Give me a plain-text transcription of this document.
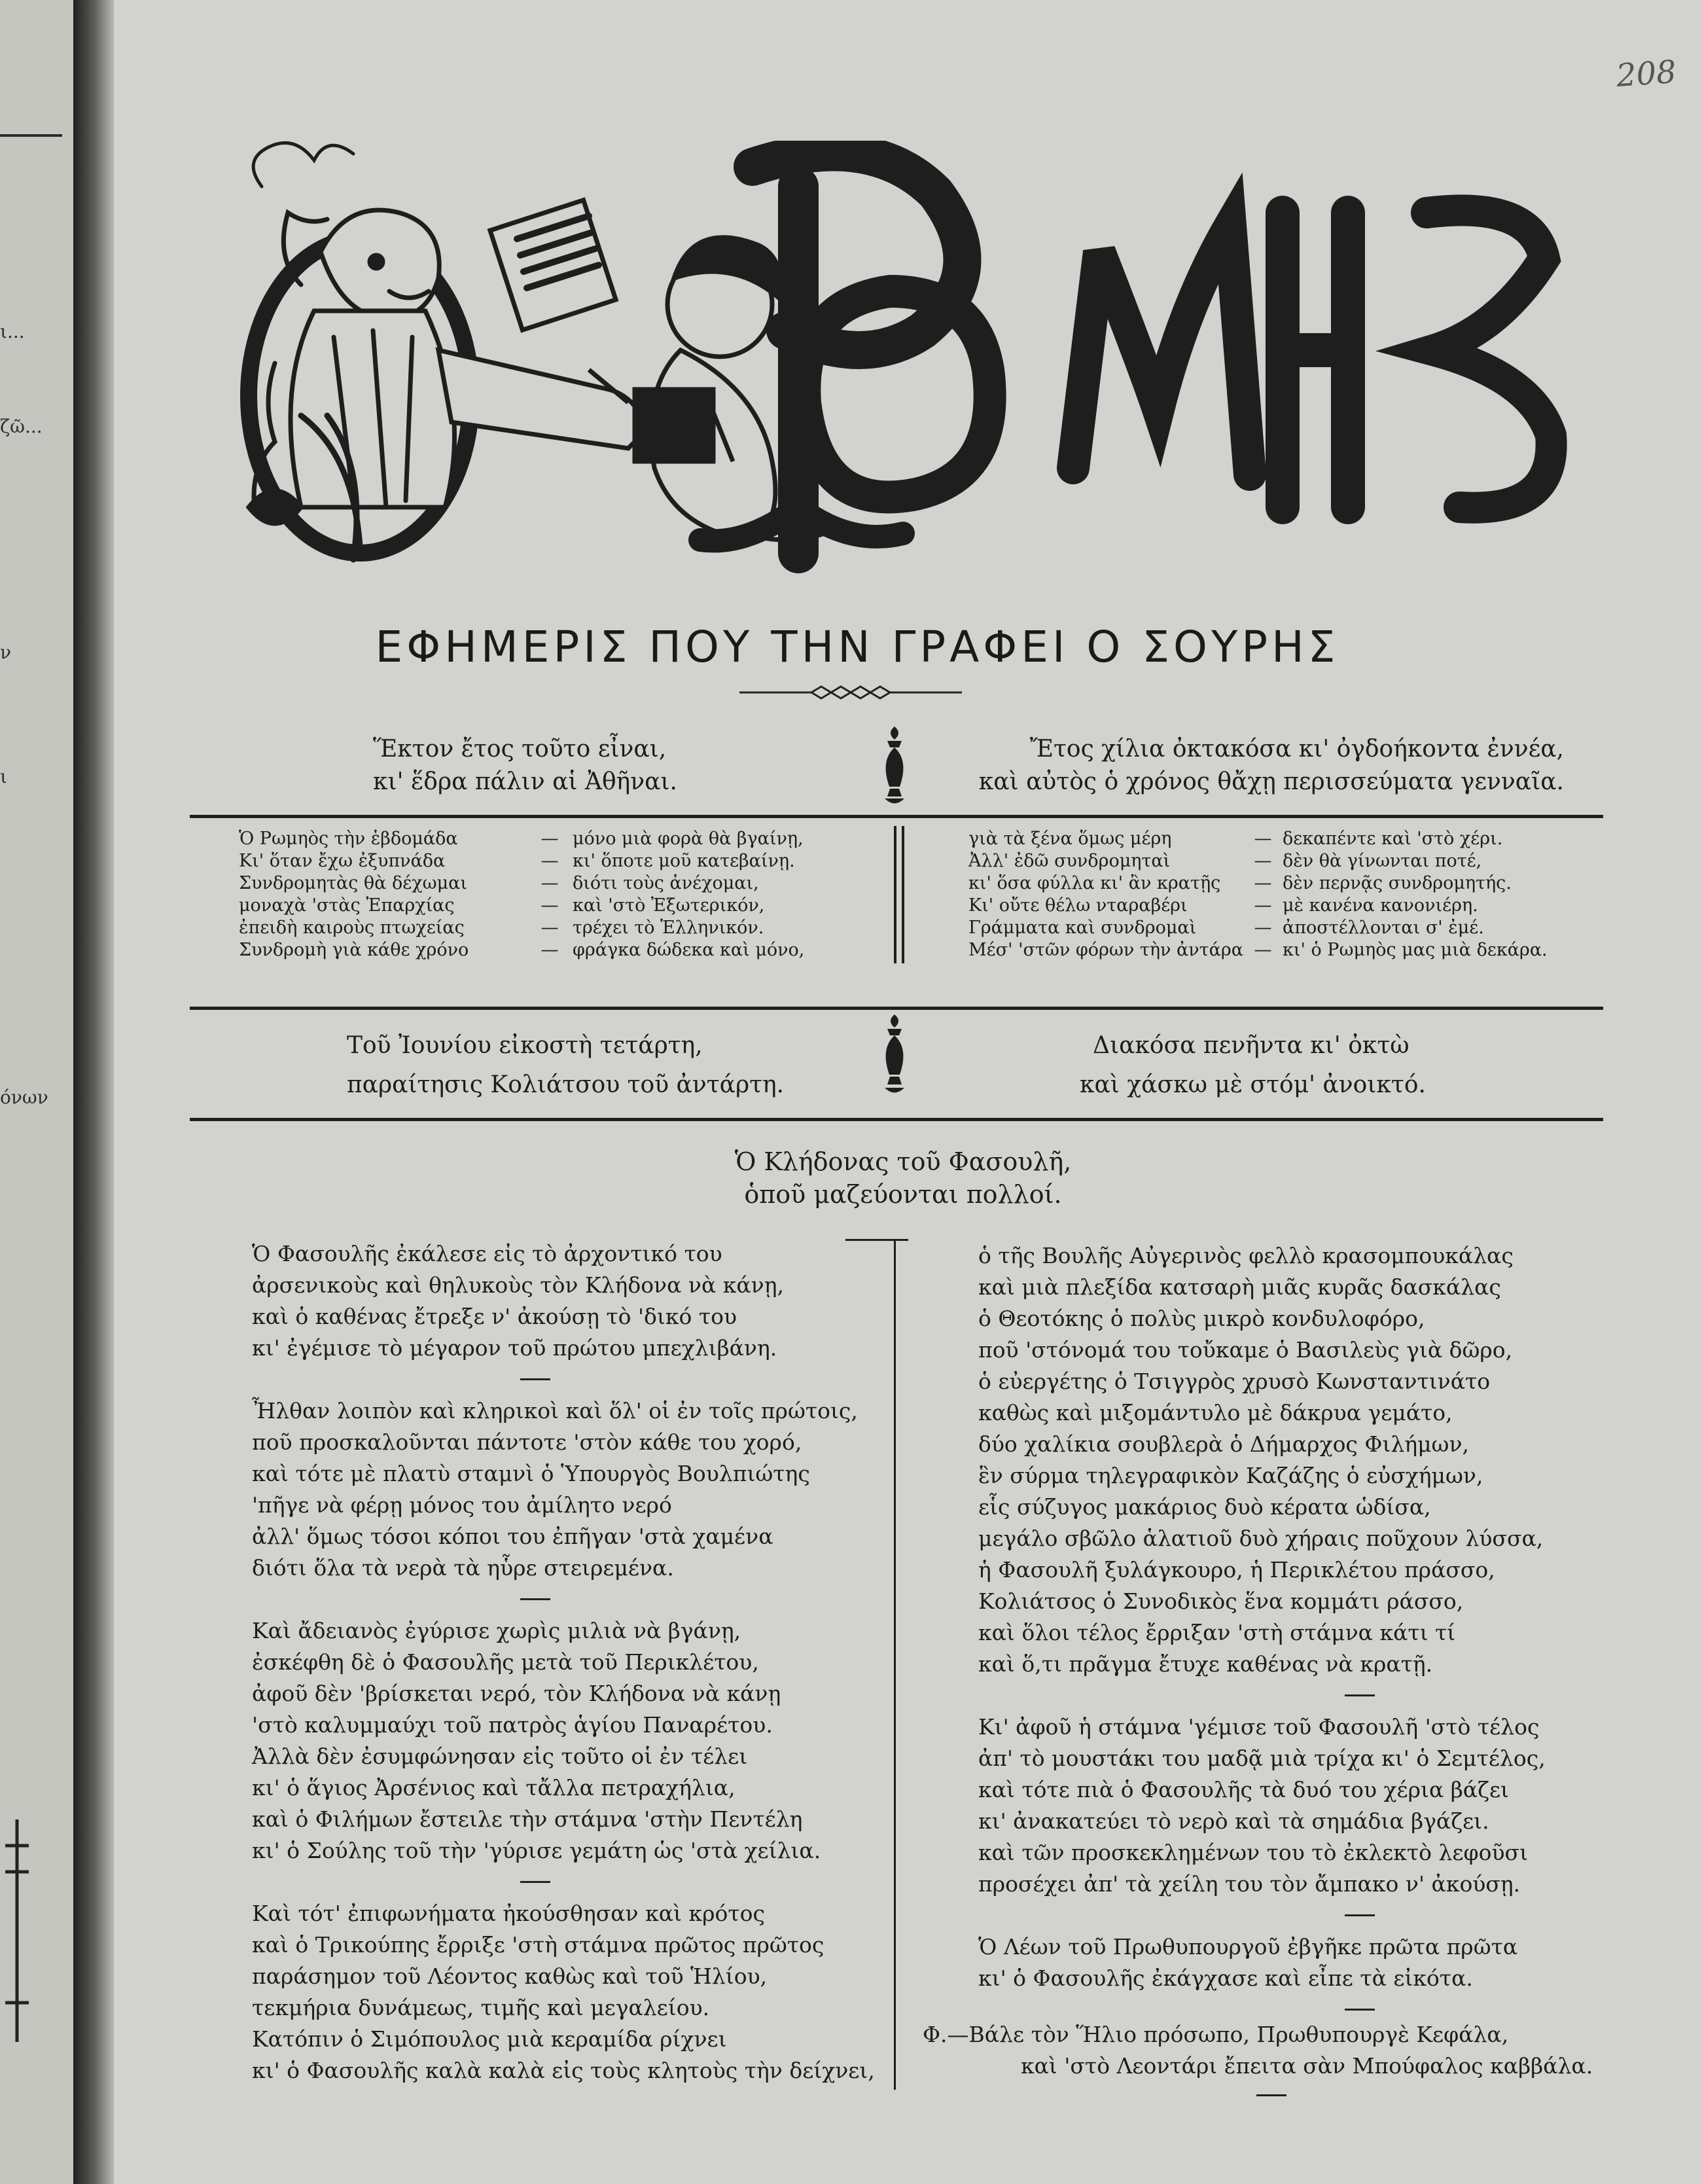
ι...
ζῶ...
ν
ι
όνων
208
ΕΦΗΜΕΡΙΣ ΠΟΥ ΤΗΝ ΓΡΑΦΕΙ Ο ΣΟΥΡΗΣ
Ἕκτον ἔτος τοῦτο εἶναι,
κι' ἕδρα πάλιν αἱ Ἀθῆναι.
Ἔτος χίλια ὀκτακόσα κι' ὀγδοήκοντα ἐννέα,
καὶ αὐτὸς ὁ χρόνος θἄχῃ περισσεύματα γενναῖα.
Ὁ Ρωμηὸς τὴν ἑβδομάδα	— μόνο μιὰ φορὰ θὰ βγαίνῃ,
Κι' ὅταν ἔχω ἐξυπνάδα	— κι' ὅποτε μοῦ κατεβαίνῃ.
Συνδρομητὰς θὰ δέχωμαι	— διότι τοὺς ἀνέχομαι,
μοναχὰ 'στὰς Ἐπαρχίας	— καὶ 'στὸ Ἐξωτερικόν,
ἐπειδὴ καιροὺς πτωχείας	— τρέχει τὸ Ἑλληνικόν.
Συνδρομὴ γιὰ κάθε χρόνο	— φράγκα δώδεκα καὶ μόνο,
γιὰ τὰ ξένα ὅμως μέρη	— δεκαπέντε καὶ 'στὸ χέρι.
Ἀλλ' ἐδῶ συνδρομηταὶ	— δὲν θὰ γίνωνται ποτέ,
κι' ὅσα φύλλα κι' ἂν κρατῇς	— δὲν περνᾷς συνδρομητής.
Κι' οὔτε θέλω νταραβέρι	— μὲ κανένα κανονιέρη.
Γράμματα καὶ συνδρομαὶ	— ἀποστέλλονται σ' ἐμέ.
Μέσ' 'στῶν φόρων τὴν ἀντάρα — κι' ὁ Ρωμηὸς μας μιὰ δεκάρα.
Τοῦ Ἰουνίου εἰκοστὴ τετάρτη,
παραίτησις Κολιάτσου τοῦ ἀντάρτη.
Διακόσα πενῆντα κι' ὀκτὼ
καὶ χάσκω μὲ στόμ' ἀνοικτό.
Ὁ Κλήδονας τοῦ Φασουλῆ,
ὁποῦ μαζεύονται πολλοί.
Ὁ Φασουλῆς ἐκάλεσε εἰς τὸ ἀρχοντικό του
ἀρσενικοὺς καὶ θηλυκοὺς τὸν Κλήδονα νὰ κάνῃ,
καὶ ὁ καθένας ἔτρεξε ν' ἀκούσῃ τὸ 'δικό του
κι' ἐγέμισε τὸ μέγαρον τοῦ πρώτου μπεχλιβάνη.
Ἦλθαν λοιπὸν καὶ κληρικοὶ καὶ ὅλ' οἱ ἐν τοῖς πρώτοις,
ποῦ προσκαλοῦνται πάντοτε 'στὸν κάθε του χορό,
καὶ τότε μὲ πλατὺ σταμνὶ ὁ Ὑπουργὸς Βουλπιώτης
'πῆγε νὰ φέρῃ μόνος του ἀμίλητο νερό
ἀλλ' ὅμως τόσοι κόποι του ἐπῆγαν 'στὰ χαμένα
διότι ὅλα τὰ νερὰ τὰ ηὗρε στειρεμένα.
Καὶ ἄδειανὸς ἐγύρισε χωρὶς μιλιὰ νὰ βγάνῃ,
ἐσκέφθη δὲ ὁ Φασουλῆς μετὰ τοῦ Περικλέτου,
ἀφοῦ δὲν 'βρίσκεται νερό, τὸν Κλήδονα νὰ κάνῃ
'στὸ καλυμμαύχι τοῦ πατρὸς ἁγίου Παναρέτου.
Ἀλλὰ δὲν ἐσυμφώνησαν εἰς τοῦτο οἱ ἐν τέλει
κι' ὁ ἅγιος Ἀρσένιος καὶ τἄλλα πετραχήλια,
καὶ ὁ Φιλήμων ἔστειλε τὴν στάμνα 'στὴν Πεντέλη
κι' ὁ Σούλης τοῦ τὴν 'γύρισε γεμάτη ὡς 'στὰ χείλια.
Καὶ τότ' ἐπιφωνήματα ἠκούσθησαν καὶ κρότος
καὶ ὁ Τρικούπης ἔρριξε 'στὴ στάμνα πρῶτος πρῶτος
παράσημον τοῦ Λέοντος καθὼς καὶ τοῦ Ἡλίου,
τεκμήρια δυνάμεως, τιμῆς καὶ μεγαλείου.
Κατόπιν ὁ Σιμόπουλος μιὰ κεραμίδα ρίχνει
κι' ὁ Φασουλῆς καλὰ καλὰ εἰς τοὺς κλητοὺς τὴν δείχνει,
ὁ τῆς Βουλῆς Αὐγερινὸς φελλὸ κρασομπουκάλας
καὶ μιὰ πλεξίδα κατσαρὴ μιᾶς κυρᾶς δασκάλας
ὁ Θεοτόκης ὁ πολὺς μικρὸ κονδυλοφόρο,
ποῦ 'στόνομά του τοὔκαμε ὁ Βασιλεὺς γιὰ δῶρο,
ὁ εὐεργέτης ὁ Τσιγγρὸς χρυσὸ Κωνσταντινάτο
καθὼς καὶ μιξομάντυλο μὲ δάκρυα γεμάτο,
δύο χαλίκια σουβλερὰ ὁ Δήμαρχος Φιλήμων,
ἓν σύρμα τηλεγραφικὸν Καζάζης ὁ εὐσχήμων,
εἷς σύζυγος μακάριος δυὸ κέρατα ὡδίσα,
μεγάλο σβῶλο ἁλατιοῦ δυὸ χήραις ποῦχουν λύσσα,
ἡ Φασουλῆ ξυλάγκουρο, ἡ Περικλέτου πράσσο,
Κολιάτσος ὁ Συνοδικὸς ἕνα κομμάτι ράσσο,
καὶ ὅλοι τέλος ἔρριξαν 'στὴ στάμνα κάτι τί
καὶ ὅ,τι πρᾶγμα ἔτυχε καθένας νὰ κρατῇ.
Κι' ἀφοῦ ἡ στάμνα 'γέμισε τοῦ Φασουλῆ 'στὸ τέλος
ἀπ' τὸ μουστάκι του μαδᾷ μιὰ τρίχα κι' ὁ Σεμτέλος,
καὶ τότε πιὰ ὁ Φασουλῆς τὰ δυό του χέρια βάζει
κι' ἀνακατεύει τὸ νερὸ καὶ τὰ σημάδια βγάζει.
καὶ τῶν προσκεκλημένων του τὸ ἐκλεκτὸ λεφοῦσι
προσέχει ἀπ' τὰ χείλη του τὸν ἄμπακο ν' ἀκούσῃ.
Ὁ Λέων τοῦ Πρωθυπουργοῦ ἐβγῆκε πρῶτα πρῶτα
κι' ὁ Φασουλῆς ἐκάγχασε καὶ εἶπε τὰ εἰκότα.
Φ.—Βάλε τὸν Ἥλιο πρόσωπο, Πρωθυπουργὲ Κεφάλα,
καὶ 'στὸ Λεοντάρι ἔπειτα σὰν Μπούφαλος καββάλα.
